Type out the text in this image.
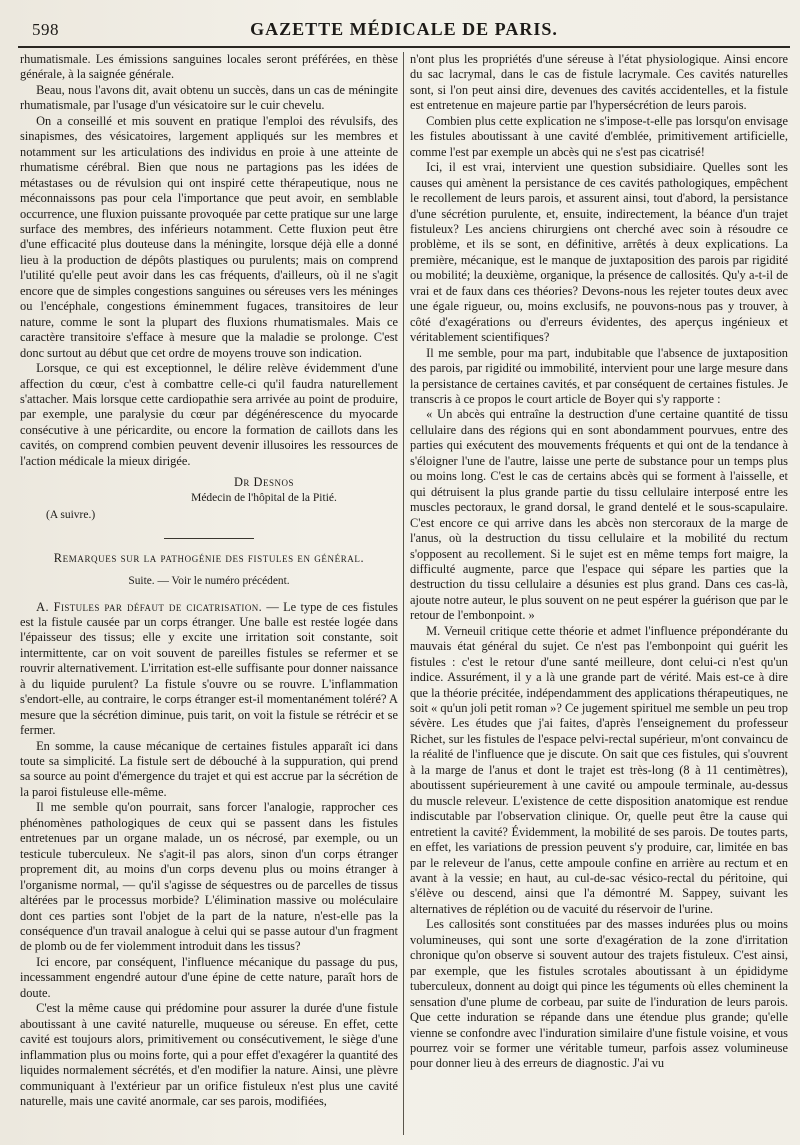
598	GAZETTE MÉDICALE DE PARIS.

rhumatismale. Les émissions sanguines locales seront préférées, en thèse générale, à la saignée générale.

Beau, nous l'avons dit, avait obtenu un succès, dans un cas de méningite rhumatismale, par l'usage d'un vésicatoire sur le cuir chevelu.

On a conseillé et mis souvent en pratique l'emploi des révulsifs, des sinapismes, des vésicatoires, largement appliqués sur les membres et notamment sur les articulations des individus en proie à une atteinte de rhumatisme cérébral. Bien que nous ne partagions pas les idées de métastases ou de révulsion qui ont inspiré cette thérapeutique, nous ne méconnaissons pas pour cela l'importance que peut avoir, en semblable occurrence, une fluxion puissante provoquée par cette pratique sur une large surface des membres, des inférieurs notamment. Cette fluxion peut être d'une efficacité plus douteuse dans la méningite, lorsque déjà elle a donné lieu à la production de dépôts plastiques ou purulents; mais on comprend l'utilité qu'elle peut avoir dans les cas fréquents, d'ailleurs, où il ne s'agit encore que de simples congestions sanguines ou séreuses vers les méninges ou l'encéphale, congestions éminemment fugaces, transitoires de leur nature, comme le sont la plupart des fluxions rhumatismales. Mais ce caractère transitoire s'efface à mesure que la maladie se prolonge. C'est donc surtout au début que cet ordre de moyens trouve son indication.

Lorsque, ce qui est exceptionnel, le délire relève évidemment d'une affection du cœur, c'est à combattre celle-ci qu'il faudra naturellement s'attacher. Mais lorsque cette cardiopathie sera arrivée au point de produire, par exemple, une paralysie du cœur par dégénérescence du myocarde consécutive à une péricardite, ou encore la formation de caillots dans les cavités, on comprend combien peuvent devenir illusoires les ressources de l'action médicale la mieux dirigée.

Dr Desnos
Médecin de l'hôpital de la Pitié.
(A suivre.)

Remarques sur la pathogénie des fistules en général.

Suite. — Voir le numéro précédent.

A. Fistules par défaut de cicatrisation. — Le type de ces fistules est la fistule causée par un corps étranger. Une balle est restée logée dans l'épaisseur des tissus; elle y excite une irritation soit constante, soit intermittente, car on voit souvent de pareilles fistules se refermer et se rouvrir alternativement. L'irritation est-elle suffisante pour donner naissance à du liquide purulent? La fistule s'ouvre ou se rouvre. L'inflammation s'endort-elle, au contraire, le corps étranger est-il momentanément toléré? A mesure que la sécrétion diminue, puis tarit, on voit la fistule se rétrécir et se fermer.

En somme, la cause mécanique de certaines fistules apparaît ici dans toute sa simplicité. La fistule sert de débouché à la suppuration, qui prend sa source au point d'émergence du trajet et qui est accrue par la sécrétion de la paroi fistuleuse elle-même.

Il me semble qu'on pourrait, sans forcer l'analogie, rapprocher ces phénomènes pathologiques de ceux qui se passent dans les fistules entretenues par un organe malade, un os nécrosé, par exemple, ou un testicule tuberculeux. Ne s'agit-il pas alors, sinon d'un corps étranger proprement dit, au moins d'un corps devenu plus ou moins étranger à l'organisme normal, — qu'il s'agisse de séquestres ou de parcelles de tissus altérées par le processus morbide? L'élimination massive ou moléculaire dont ces parties sont l'objet de la part de la nature, n'est-elle pas la conséquence d'un travail analogue à celui qui se passe autour d'un fragment de plomb ou de fer violemment introduit dans les tissus?

Ici encore, par conséquent, l'influence mécanique du passage du pus, incessamment engendré autour d'une épine de cette nature, paraît hors de doute.

C'est la même cause qui prédomine pour assurer la durée d'une fistule aboutissant à une cavité naturelle, muqueuse ou séreuse. En effet, cette cavité est toujours alors, primitivement ou consécutivement, le siège d'une inflammation plus ou moins forte, qui a pour effet d'exagérer la quantité des liquides normalement sécrétés, et d'en modifier la nature. Ainsi, une plèvre communiquant à l'extérieur par un orifice fistuleux n'est plus une cavité naturelle, mais une cavité anormale, car ses parois, modifiées,

n'ont plus les propriétés d'une séreuse à l'état physiologique. Ainsi encore du sac lacrymal, dans le cas de fistule lacrymale. Ces cavités naturelles sont, si l'on peut ainsi dire, devenues des cavités accidentelles, et la fistule est entretenue en majeure partie par l'hypersécrétion de leurs parois.

Combien plus cette explication ne s'impose-t-elle pas lorsqu'on envisage les fistules aboutissant à une cavité d'emblée, primitivement artificielle, comme l'est par exemple un abcès qui ne s'est pas cicatrisé!

Ici, il est vrai, intervient une question subsidiaire. Quelles sont les causes qui amènent la persistance de ces cavités pathologiques, empêchent le recollement de leurs parois, et assurent ainsi, tout d'abord, la persistance d'une sécrétion purulente, et, ensuite, indirectement, la béance d'un trajet fistuleux? Les anciens chirurgiens ont cherché avec soin à résoudre ce problème, et ils se sont, en définitive, arrêtés à deux explications. La première, mécanique, est le manque de juxtaposition des parois par rigidité ou mobilité; la deuxième, organique, la présence de callosités. Qu'y a-t-il de vrai et de faux dans ces théories? Devons-nous les rejeter toutes deux avec une égale rigueur, ou, moins exclusifs, ne pouvons-nous pas y trouver, à côté d'exagérations ou d'erreurs évidentes, des aperçus ingénieux et véritablement scientifiques?

Il me semble, pour ma part, indubitable que l'absence de juxtaposition des parois, par rigidité ou immobilité, intervient pour une large mesure dans la persistance de certaines cavités, et par conséquent de certaines fistules. Je transcris à ce propos le court article de Boyer qui s'y rapporte :

« Un abcès qui entraîne la destruction d'une certaine quantité de tissu cellulaire dans des régions qui en sont abondamment pourvues, entre des parties qui exécutent des mouvements fréquents et qui ont de la tendance à s'éloigner l'une de l'autre, laisse une perte de substance pour un temps plus ou moins long. C'est le cas de certains abcès qui se forment à l'aisselle, et qui détruisent la plus grande partie du tissu cellulaire interposé entre les muscles pectoraux, le grand dorsal, le grand dentelé et le sous-scapulaire. C'est encore ce qui arrive dans les abcès non stercoraux de la marge de l'anus, où la destruction du tissu cellulaire et la mobilité du rectum s'opposent au recollement. Si le sujet est en même temps fort maigre, la difficulté augmente, parce que l'espace qui sépare les parties que la destruction du tissu cellulaire a désunies est plus grand. Dans ces cas-là, ajoute notre auteur, le plus souvent on ne peut espérer la guérison que par le retour de l'embonpoint. »

M. Verneuil critique cette théorie et admet l'influence prépondérante du mauvais état général du sujet. Ce n'est pas l'embonpoint qui guérit les fistules : c'est le retour d'une santé meilleure, dont celui-ci n'est qu'un indice. Assurément, il y a là une grande part de vérité. Mais est-ce à dire que la théorie précitée, indépendamment des applications thérapeutiques, ne soit « qu'un joli petit roman »? Ce jugement spirituel me semble un peu trop sévère. Les études que j'ai faites, d'après l'enseignement du professeur Richet, sur les fistules de l'espace pelvi-rectal supérieur, m'ont convaincu de la réalité de l'influence que je discute. On sait que ces fistules, qui s'ouvrent à la marge de l'anus et dont le trajet est très-long (8 à 11 centimètres), aboutissent supérieurement à une cavité ou ampoule terminale, au-dessus du muscle releveur. L'existence de cette disposition anatomique est rendue indiscutable par l'observation clinique. Or, quelle peut être la cause qui entretient la cavité? Évidemment, la mobilité de ses parois. De toutes parts, en effet, les variations de pression peuvent s'y produire, car, limitée en bas par le releveur de l'anus, cette ampoule confine en arrière au rectum et en avant à la vessie; en haut, au cul-de-sac vésico-rectal du péritoine, qui s'élève ou descend, ainsi que l'a démontré M. Sappey, suivant les alternatives de réplétion ou de vacuité du réservoir de l'urine.

Les callosités sont constituées par des masses indurées plus ou moins volumineuses, qui sont une sorte d'exagération de la zone d'irritation chronique qu'on observe si souvent autour des trajets fistuleux. C'est ainsi, par exemple, que les fistules scrotales aboutissant à un épididyme tuberculeux, donnent au doigt qui pince les téguments où elles cheminent la sensation d'une plume de corbeau, par suite de l'induration de leurs parois. Que cette induration se répande dans une étendue plus grande; qu'elle vienne se confondre avec l'induration similaire d'une fistule voisine, et vous pourrez voir se former une véritable tumeur, parfois assez volumineuse pour donner lieu à des erreurs de diagnostic. J'ai vu
